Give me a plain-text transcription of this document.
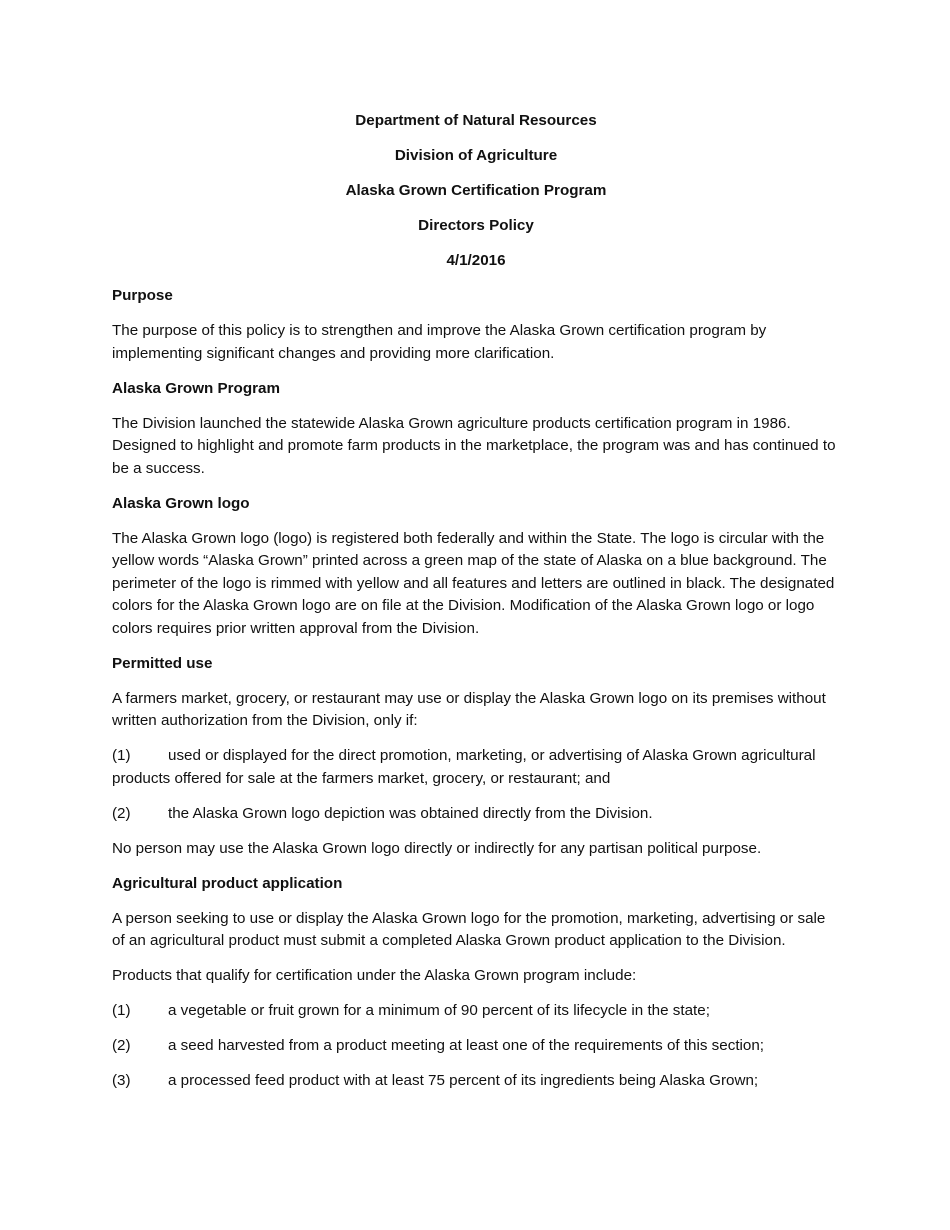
Department of Natural Resources
Division of Agriculture
Alaska Grown Certification Program
Directors Policy
4/1/2016
Purpose
The purpose of this policy is to strengthen and improve the Alaska Grown certification program by implementing significant changes and providing more clarification.
Alaska Grown Program
The Division launched the statewide Alaska Grown agriculture products certification program in 1986. Designed to highlight and promote farm products in the marketplace, the program was and has continued to be a success.
Alaska Grown logo
The Alaska Grown logo (logo) is registered both federally and within the State. The logo is circular with the yellow words “Alaska Grown” printed across a green map of the state of Alaska on a blue background. The perimeter of the logo is rimmed with yellow and all features and letters are outlined in black. The designated colors for the Alaska Grown logo are on file at the Division. Modification of the Alaska Grown logo or logo colors requires prior written approval from the Division.
Permitted use
A farmers market, grocery, or restaurant may use or display the Alaska Grown logo on its premises without written authorization from the Division, only if:
(1) used or displayed for the direct promotion, marketing, or advertising of Alaska Grown agricultural products offered for sale at the farmers market, grocery, or restaurant; and
(2) the Alaska Grown logo depiction was obtained directly from the Division.
No person may use the Alaska Grown logo directly or indirectly for any partisan political purpose.
Agricultural product application
A person seeking to use or display the Alaska Grown logo for the promotion, marketing, advertising or sale of an agricultural product must submit a completed Alaska Grown product application to the Division.
Products that qualify for certification under the Alaska Grown program include:
(1) a vegetable or fruit grown for a minimum of 90 percent of its lifecycle in the state;
(2) a seed harvested from a product meeting at least one of the requirements of this section;
(3) a processed feed product with at least 75 percent of its ingredients being Alaska Grown;
